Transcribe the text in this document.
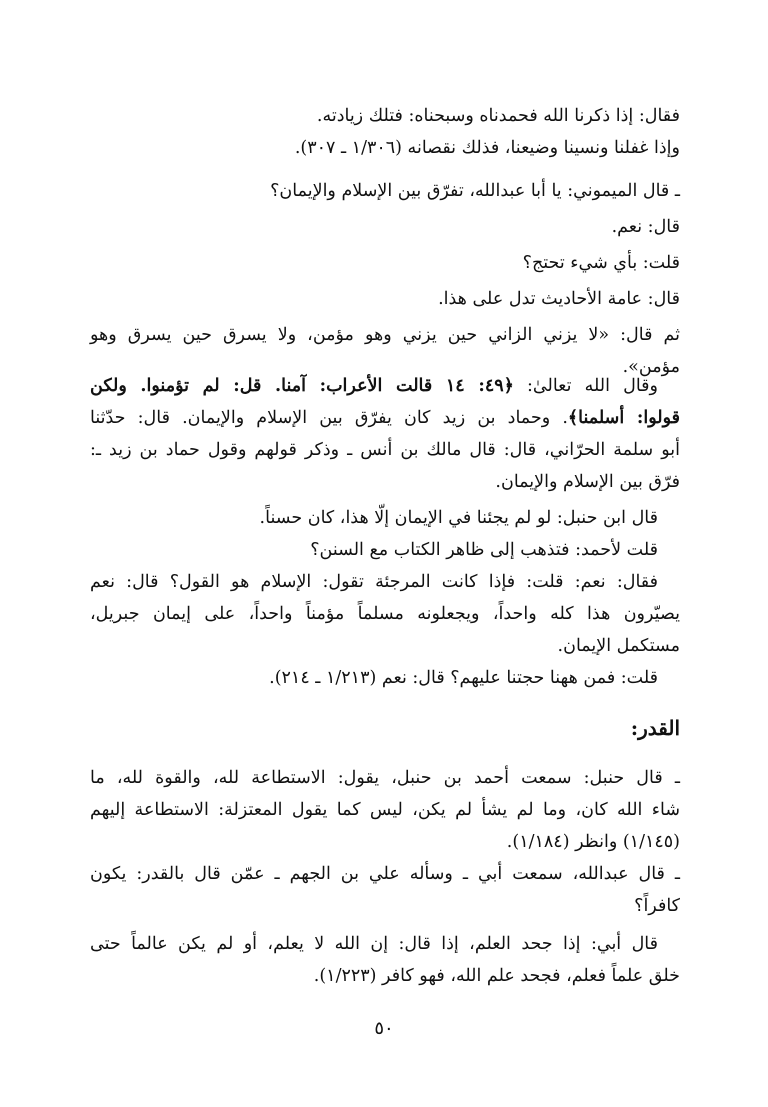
فقال: إذا ذكرنا الله فحمدناه وسبحناه: فتلك زيادته.
وإذا غفلنا ونسينا وضيعنا، فذلك نقصانه (١/٣٠٦ ـ ٣٠٧).
ـ قال الميموني: يا أبا عبدالله، تفرّق بين الإسلام والإيمان؟
قال: نعم.
قلت: بأي شيء تحتج؟
قال: عامة الأحاديث تدل على هذا.
ثم قال: «لا يزني الزاني حين يزني وهو مؤمن، ولا يسرق حين يسرق وهو
مؤمن».
وقال الله تعالىٰ: ﴿٤٩: ١٤ قالت الأعراب: آمنا. قل: لم تؤمنوا. ولكن
قولوا: أسلمنا﴾. وحماد بن زيد كان يفرّق بين الإسلام والإيمان. قال: حدّثنا
أبو سلمة الحرّاني، قال: قال مالك بن أنس ـ وذكر قولهم وقول حماد بن زيد ـ:
فرّق بين الإسلام والإيمان.
قال ابن حنبل: لو لم يجئنا في الإيمان إلّا هذا، كان حسناً.
قلت لأحمد: فتذهب إلى ظاهر الكتاب مع السنن؟
فقال: نعم: قلت: فإذا كانت المرجئة تقول: الإسلام هو القول؟ قال: نعم
يصيّرون هذا كله واحداً، ويجعلونه مسلماً مؤمناً واحداً، على إيمان جبريل،
مستكمل الإيمان.
قلت: فمن ههنا حجتنا عليهم؟ قال: نعم (١/٢١٣ ـ ٢١٤).
القدر:
ـ قال حنبل: سمعت أحمد بن حنبل، يقول: الاستطاعة لله، والقوة لله، ما
شاء الله كان، وما لم يشأ لم يكن، ليس كما يقول المعتزلة: الاستطاعة إليهم
(١/١٤٥) وانظر (١/١٨٤).
ـ قال عبدالله، سمعت أبي ـ وسأله علي بن الجهم ـ عمّن قال بالقدر: يكون
كافراً؟
قال أبي: إذا جحد العلم، إذا قال: إن الله لا يعلم، أو لم يكن عالماً حتى
خلق علماً فعلم، فجحد علم الله، فهو كافر (١/٢٢٣).
٥٠
